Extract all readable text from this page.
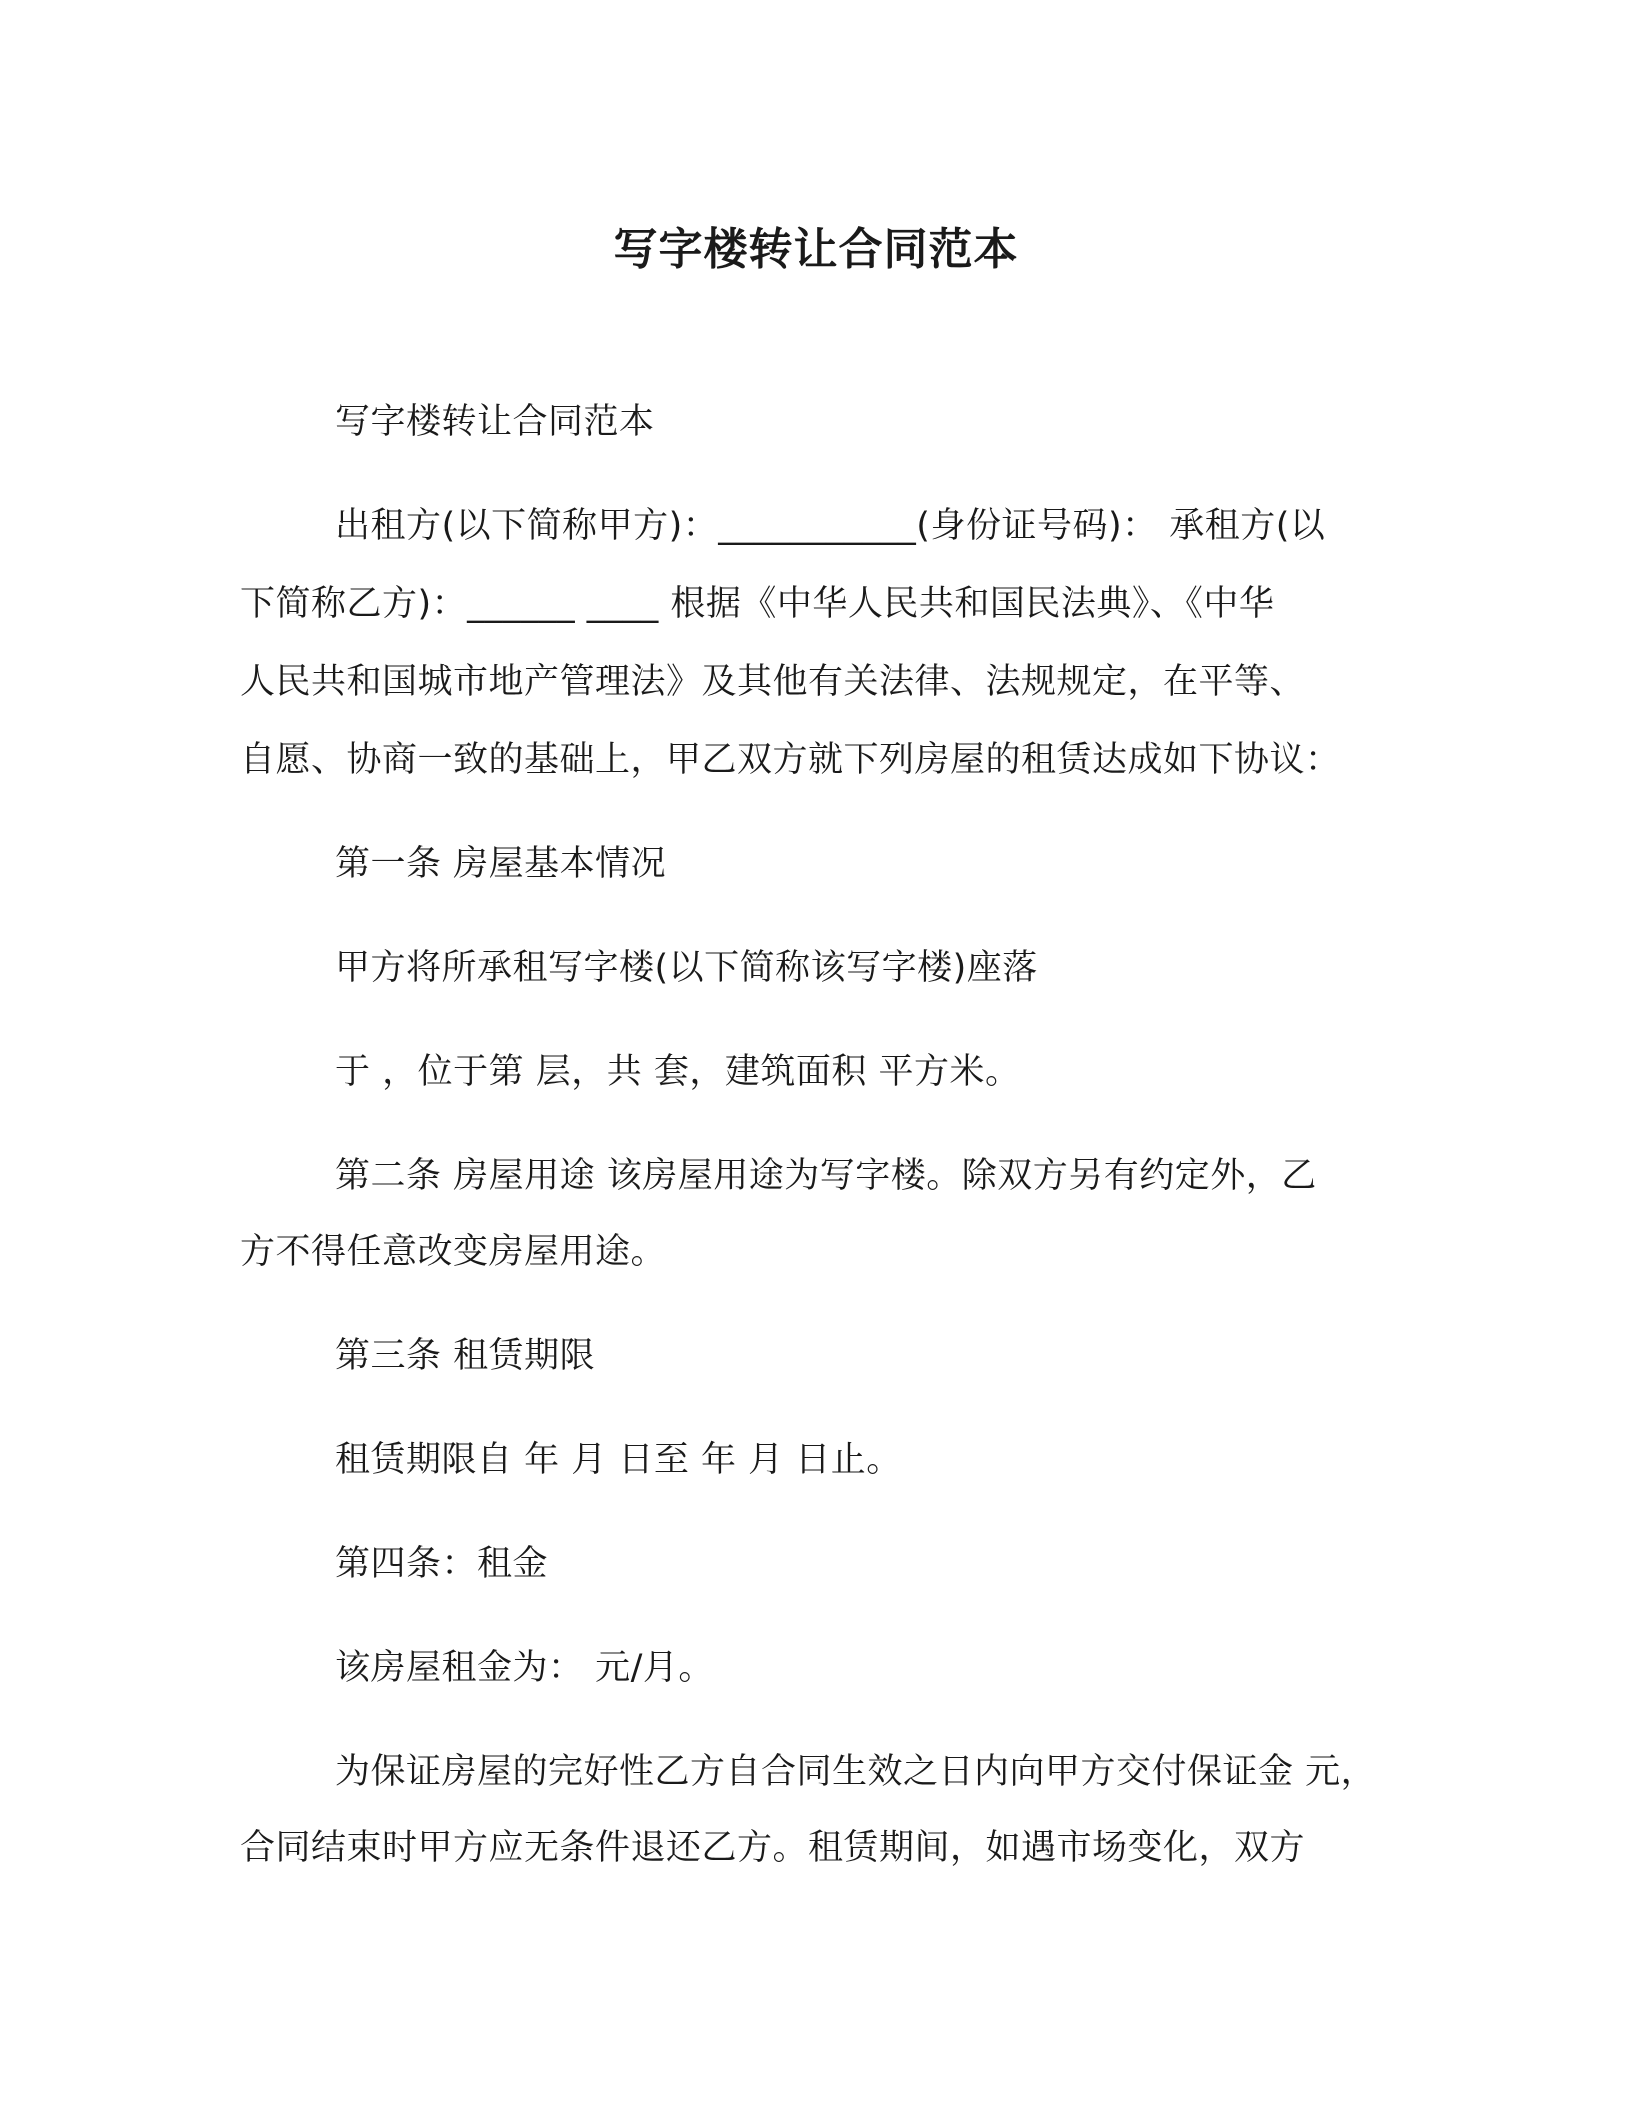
写字楼转让合同范本
写字楼转让合同范本
出租方(以下简称甲方)：___________(身份证号码)： 承租方(以
下简称乙方)：______ ____ 根据《中华人民共和国民法典》、《中华
人民共和国城市地产管理法》及其他有关法律、法规规定，在平等、
自愿、协商一致的基础上，甲乙双方就下列房屋的租赁达成如下协议：
第一条 房屋基本情况
甲方将所承租写字楼(以下简称该写字楼)座落
于 ，位于第 层，共 套，建筑面积 平方米。
第二条 房屋用途 该房屋用途为写字楼。除双方另有约定外，乙
方不得任意改变房屋用途。
第三条 租赁期限
租赁期限自 年 月 日至 年 月 日止。
第四条：租金
该房屋租金为： 元/月。
为保证房屋的完好性乙方自合同生效之日内向甲方交付保证金 元，
合同结束时甲方应无条件退还乙方。租赁期间，如遇市场变化，双方
